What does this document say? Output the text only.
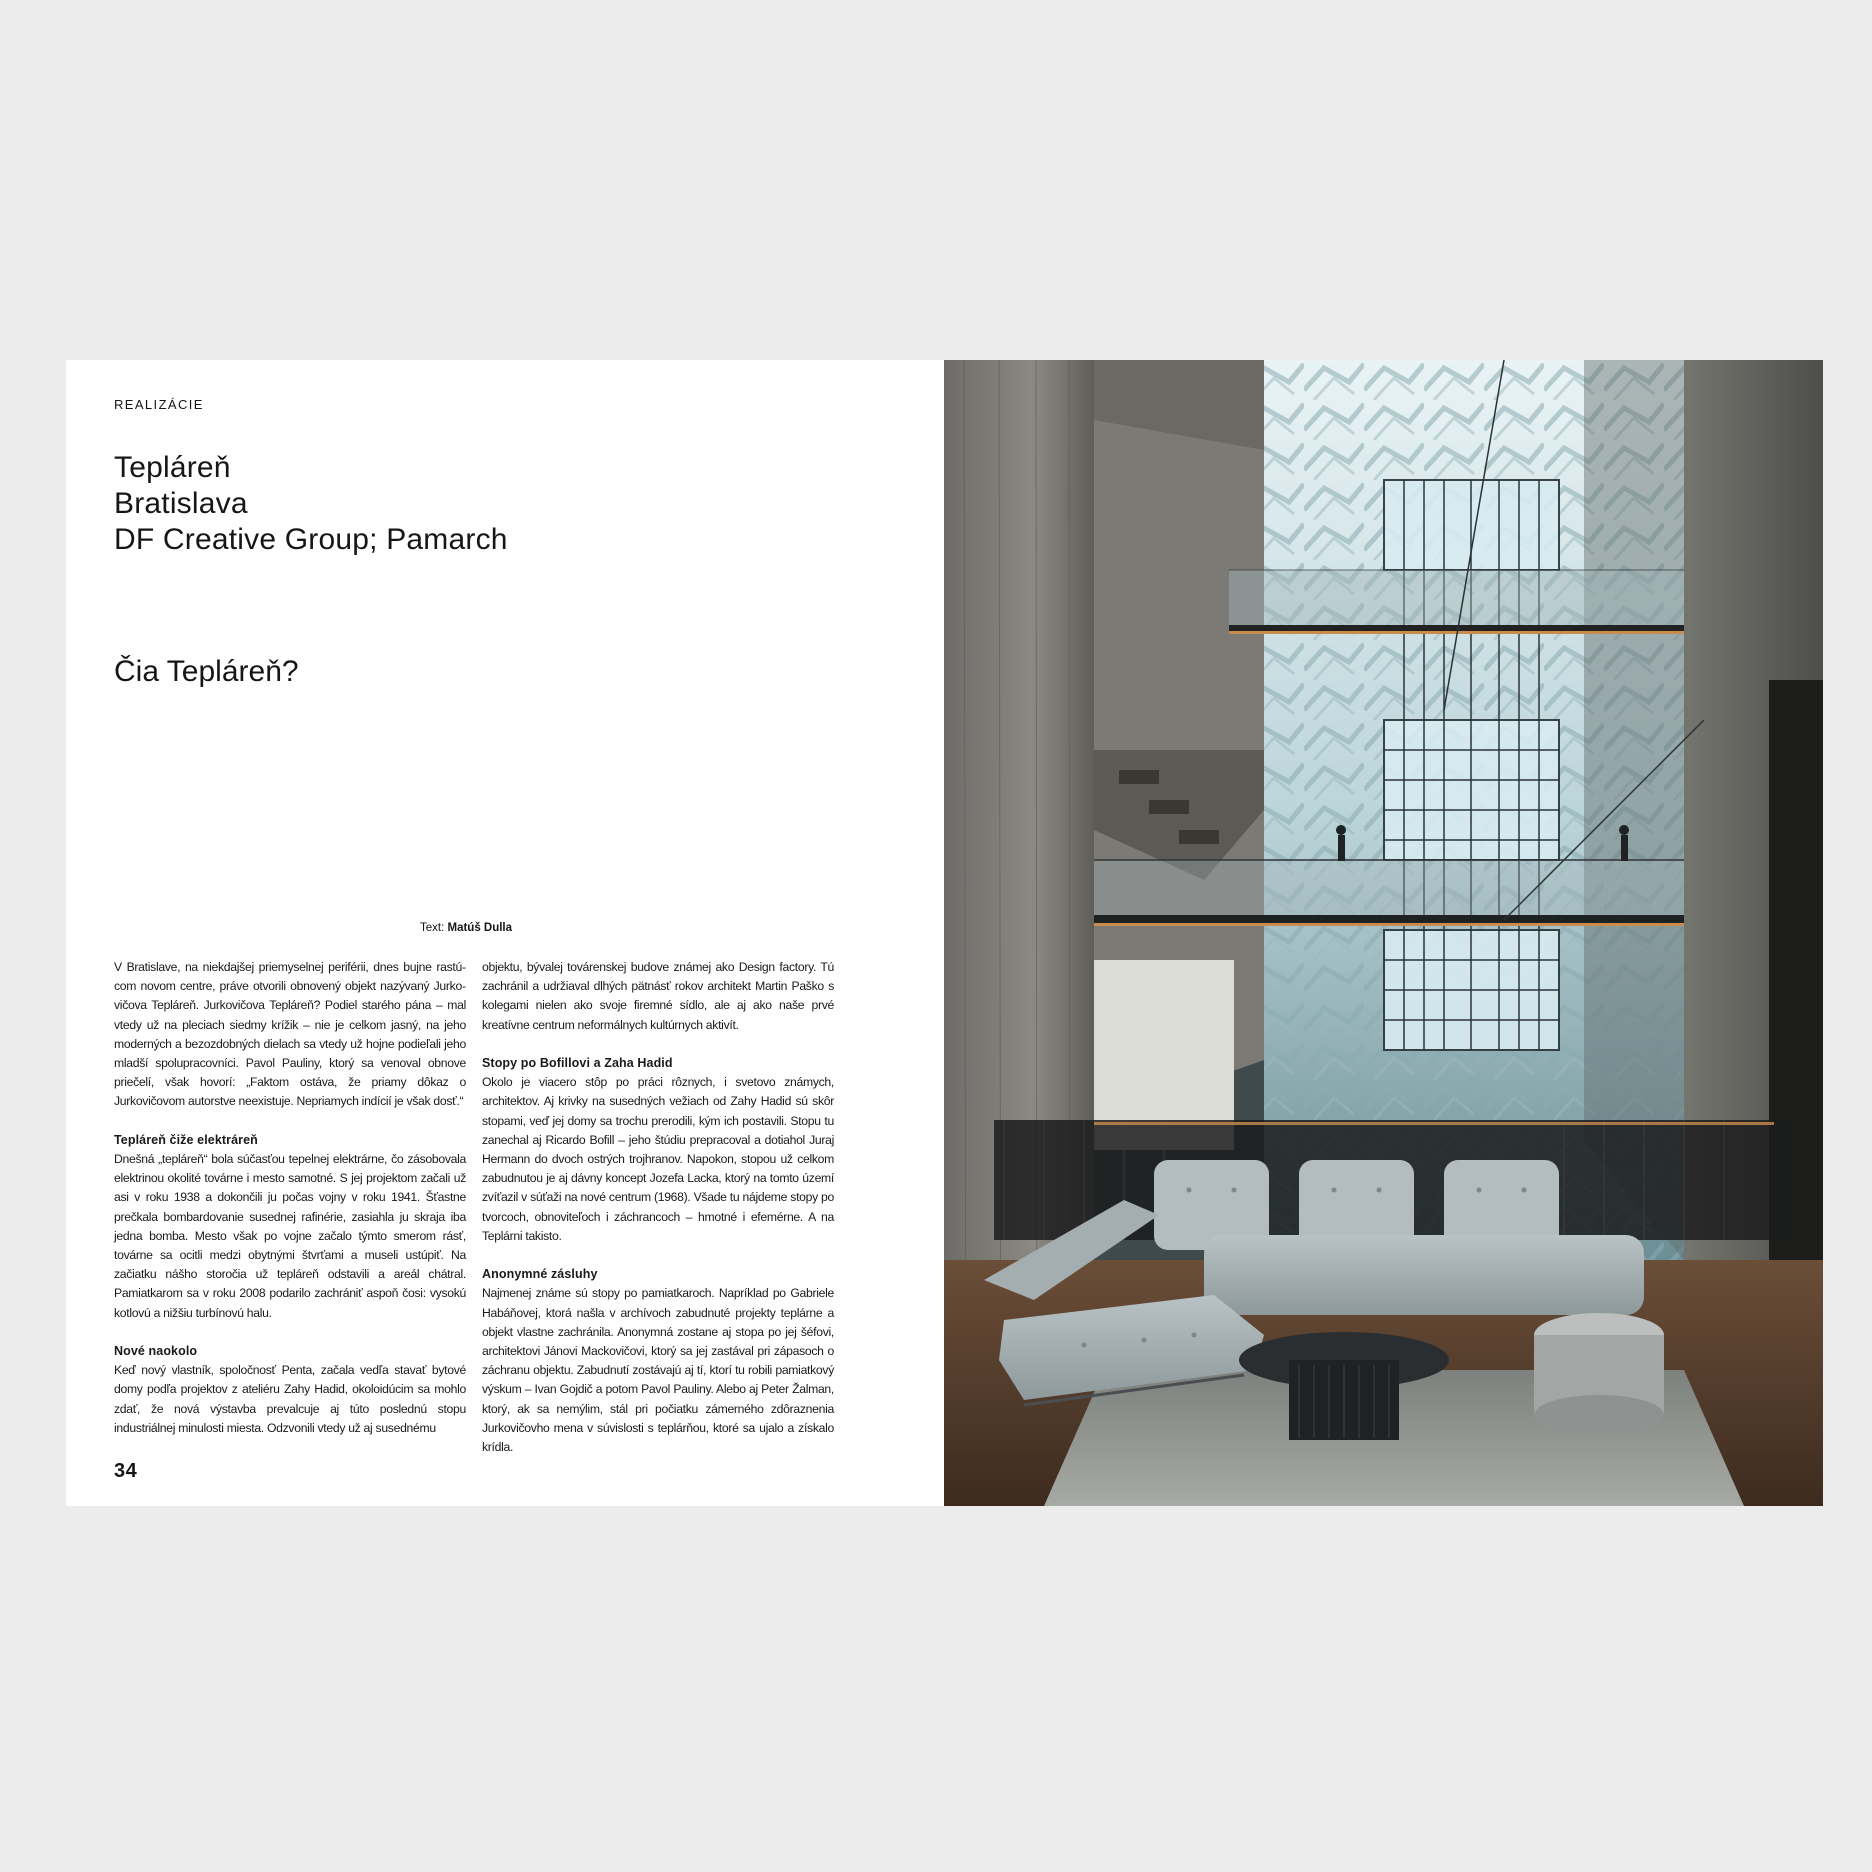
REALIZÁCIE
Tepláreň
Bratislava
DF Creative Group; Pamarch
Čia Tepláreň?
Text: Matúš Dulla

V Bratislave, na niekdajšej priemyselnej periférii, dnes bujne rastúcom novom centre, práve otvorili obnovený objekt nazývaný Jurkovičova Tepláreň. Jurkovičova Tepláreň? Podiel starého pána – mal vtedy už na pleciach siedmy krížik – nie je celkom jasný, na jeho moderných a bezozdobných dielach sa vtedy už hojne podieľali jeho mladší spolupracovníci. Pavol Pauliny, ktorý sa venoval obnove priečelí, však hovorí: „Faktom ostáva, že priamy dôkaz o Jurkovičovom autorstve neexistuje. Nepriamych indícií je však dosť.“

Tepláreň čiže elektráreň

Dnešná „tepláreň“ bola súčasťou tepelnej elektrárne, čo zásobovala elektrinou okolité továrne i mesto samotné. S jej projektom začali už asi v roku 1938 a dokončili ju počas vojny v roku 1941. Šťastne prečkala bombardovanie susednej rafinérie, zasiahla ju skraja iba jedna bomba. Mesto však po vojne začalo týmto smerom rásť, továrne sa ocitli medzi obytnými štvrťami a museli ustúpiť. Na začiatku nášho storočia už tepláreň odstavili a areál chátral. Pamiatkarom sa v roku 2008 podarilo zachrániť aspoň čosi: vysokú kotlovú a nižšiu turbínovú halu.

Nové naokolo

Keď nový vlastník, spoločnosť Penta, začala vedľa stavať bytové domy podľa projektov z ateliéru Zahy Hadid, okoloidúcim sa mohlo zdať, že nová výstavba prevalcuje aj túto poslednú stopu industriálnej minulosti miesta. Odzvonili vtedy už aj susednému

objektu, bývalej továrenskej budove známej ako Design factory. Tú zachránil a udržiaval dlhých pätnásť rokov architekt Martin Paško s kolegami nielen ako svoje firemné sídlo, ale aj ako naše prvé kreatívne centrum neformálnych kultúrnych aktivít.

Stopy po Bofillovi a Zaha Hadid

Okolo je viacero stôp po práci rôznych, i svetovo známych, architektov. Aj krivky na susedných vežiach od Zahy Hadid sú skôr stopami, veď jej domy sa trochu prerodili, kým ich postavili. Stopu tu zanechal aj Ricardo Bofill – jeho štúdiu prepracoval a dotiahol Juraj Hermann do dvoch ostrých trojhranov. Napokon, stopou už celkom zabudnutou je aj dávny koncept Jozefa Lacka, ktorý na tomto území zvíťazil v súťaži na nové centrum (1968). Všade tu nájdeme stopy po tvorcoch, obnoviteľoch i záchrancoch – hmotné i efemérne. A na Teplárni takisto.

Anonymné zásluhy

Najmenej známe sú stopy po pamiatkaroch. Napríklad po Gabriele Habáňovej, ktorá našla v archívoch zabudnuté projekty teplárne a objekt vlastne zachránila. Anonymná zostane aj stopa po jej šéfovi, architektovi Jánovi Mackovičovi, ktorý sa jej zastával pri zápasoch o záchranu objektu. Zabudnutí zostávajú aj tí, ktorí tu robili pamiatkový výskum – Ivan Gojdič a potom Pavol Pauliny. Alebo aj Peter Žalman, ktorý, ak sa nemýlim, stál pri počiatku zámerného zdôraznenia Jurkovičovho mena v súvislosti s teplárňou, ktoré sa ujalo a získalo krídla.

34
